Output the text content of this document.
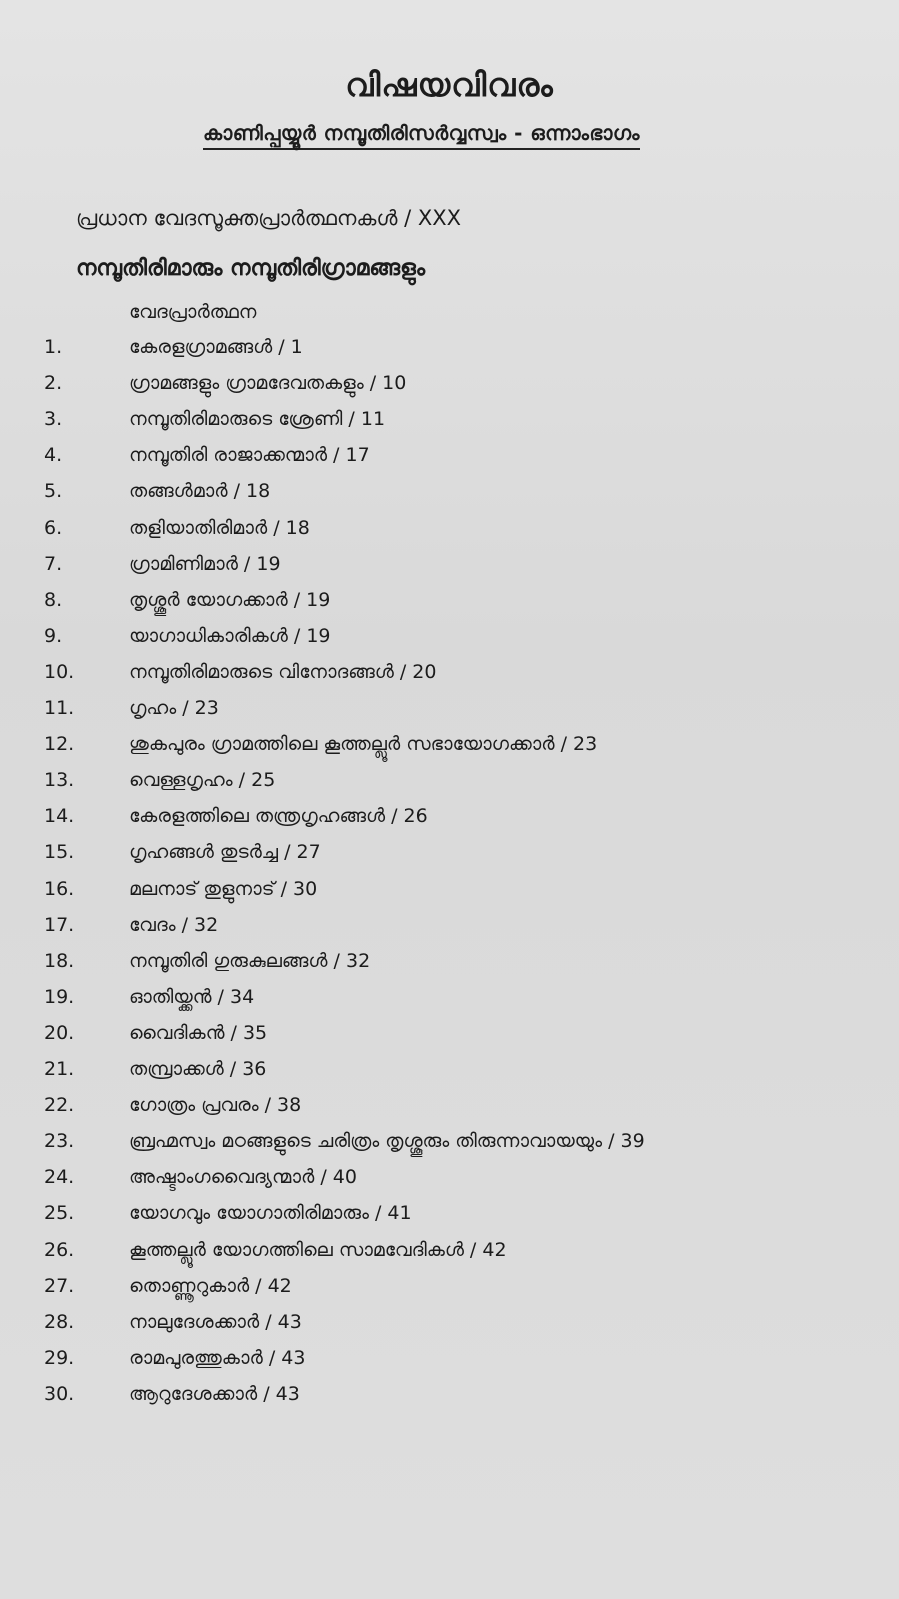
വിഷയവിവരം
കാണിപ്പയ്യൂർ നമ്പൂതിരിസർവ്വസ്വം - ഒന്നാംഭാഗം
പ്രധാന വേദസൂക്തപ്രാർത്ഥനകൾ / XXX
നമ്പൂതിരിമാരും നമ്പൂതിരിഗ്രാമങ്ങളും
വേദപ്രാർത്ഥന
1.	കേരളഗ്രാമങ്ങൾ / 1
2.	ഗ്രാമങ്ങളും ഗ്രാമദേവതകളും / 10
3.	നമ്പൂതിരിമാരുടെ ശ്രേണി / 11
4.	നമ്പൂതിരി രാജാക്കന്മാർ / 17
5.	തങ്ങൾമാർ / 18
6.	തളിയാതിരിമാർ / 18
7.	ഗ്രാമിണിമാർ / 19
8.	തൃശ്ശൂർ യോഗക്കാർ / 19
9.	യാഗാധികാരികൾ / 19
10.	നമ്പൂതിരിമാരുടെ വിനോദങ്ങൾ / 20
11.	ഗൃഹം / 23
12.	ശുകപുരം ഗ്രാമത്തിലെ കൂത്തല്ലൂർ സഭായോഗക്കാർ / 23
13.	വെള്ളഗൃഹം / 25
14.	കേരളത്തിലെ തന്ത്രഗൃഹങ്ങൾ / 26
15.	ഗൃഹങ്ങൾ തുടർച്ച / 27
16.	മലനാട് തുളുനാട് / 30
17.	വേദം / 32
18.	നമ്പൂതിരി ഗുരുകുലങ്ങൾ / 32
19.	ഓതിയ്ക്കൻ / 34
20.	വൈദികൻ / 35
21.	തമ്പ്രാക്കൾ / 36
22.	ഗോത്രം പ്രവരം / 38
23.	ബ്രഹ്മസ്വം മഠങ്ങളുടെ ചരിത്രം തൃശ്ശൂരും തിരുന്നാവായയും / 39
24.	അഷ്ടാംഗവൈദ്യന്മാർ / 40
25.	യോഗവും യോഗാതിരിമാരും / 41
26.	കൂത്തല്ലൂർ യോഗത്തിലെ സാമവേദികൾ / 42
27.	തൊണ്ണൂറുകാർ / 42
28.	നാലുദേശക്കാർ / 43
29.	രാമപുരത്തുകാർ / 43
30.	ആറുദേശക്കാർ / 43
